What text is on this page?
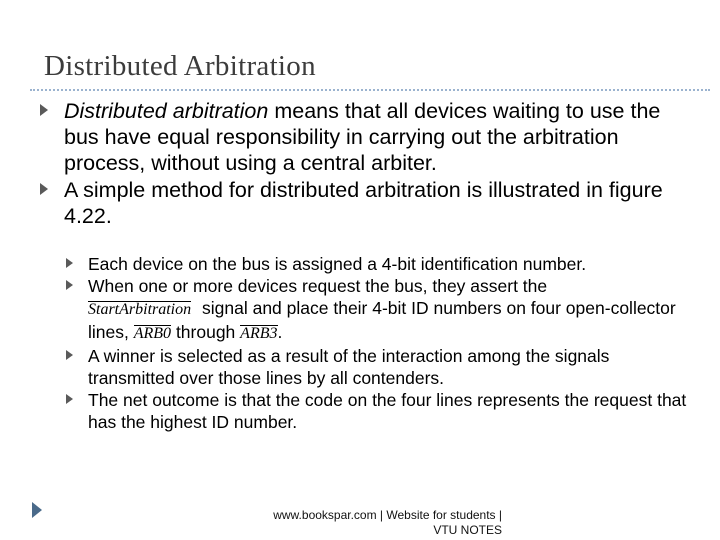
Distributed Arbitration
Distributed arbitration means that all devices waiting to use the bus have equal responsibility in carrying out the arbitration process, without using a central arbiter.
A simple method for distributed arbitration is illustrated in figure 4.22.
Each device on the bus is assigned a 4-bit identification number.
When one or more devices request the bus, they assert the
StartArbitration signal and place their 4-bit ID numbers on four open-collector lines, ARB0 through ARB3.
A winner is selected as a result of the interaction among the signals transmitted over those lines by all contenders.
The net outcome is that the code on the four lines represents the request that has the highest ID number.
www.bookspar.com | Website for students |
VTU NOTES
